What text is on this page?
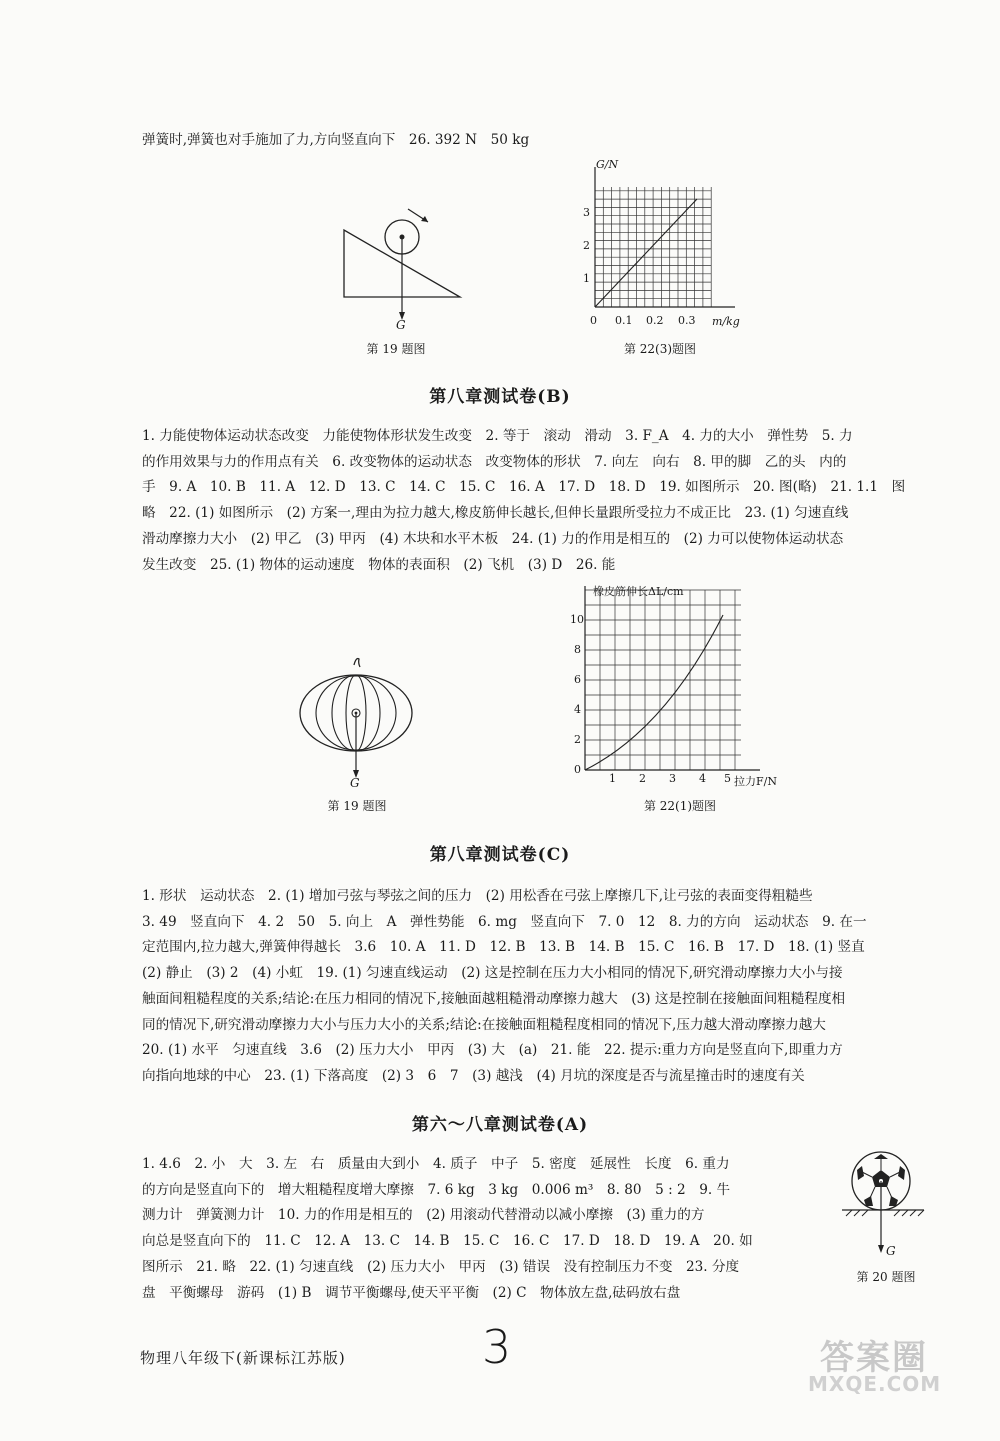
弹簧时,弹簧也对手施加了力,方向竖直向下　26. 392 N　50 kg
G
第 19 题图
G/N
m/kg
1
2
3
0 0.1 0.2 0.3
第 22(3)题图
第八章测试卷(B)
1. 力能使物体运动状态改变　力能使物体形状发生改变　2. 等于　滚动　滑动　3. F_A　4. 力的大小　弹性势　5. 力
的作用效果与力的作用点有关　6. 改变物体的运动状态　改变物体的形状　7. 向左　向右　8. 甲的脚　乙的头　内的
手　9. A　10. B　11. A　12. D　13. C　14. C　15. C　16. A　17. D　18. D　19. 如图所示　20. 图(略)　21. 1.1　图
略　22. (1) 如图所示　(2) 方案一,理由为拉力越大,橡皮筋伸长越长,但伸长量跟所受拉力不成正比　23. (1) 匀速直线
滑动摩擦力大小　(2) 甲乙　(3) 甲丙　(4) 木块和水平木板　24. (1) 力的作用是相互的　(2) 力可以使物体运动状态
发生改变　25. (1) 物体的运动速度　物体的表面积　(2) 飞机　(3) D　26. 能
G
第 19 题图
橡皮筋伸长ΔL/cm
拉力F/N
0
2
4
6
8
10
1 2 3 4 5
第 22(1)题图
第八章测试卷(C)
1. 形状　运动状态　2. (1) 增加弓弦与琴弦之间的压力　(2) 用松香在弓弦上摩擦几下,让弓弦的表面变得粗糙些
3. 49　竖直向下　4. 2　50　5. 向上　A　弹性势能　6. mg　竖直向下　7. 0　12　8. 力的方向　运动状态　9. 在一
定范围内,拉力越大,弹簧伸得越长　3.6　10. A　11. D　12. B　13. B　14. B　15. C　16. B　17. D　18. (1) 竖直
(2) 静止　(3) 2　(4) 小虹　19. (1) 匀速直线运动　(2) 这是控制在压力大小相同的情况下,研究滑动摩擦力大小与接
触面间粗糙程度的关系;结论:在压力相同的情况下,接触面越粗糙滑动摩擦力越大　(3) 这是控制在接触面间粗糙程度相
同的情况下,研究滑动摩擦力大小与压力大小的关系;结论:在接触面粗糙程度相同的情况下,压力越大滑动摩擦力越大
20. (1) 水平　匀速直线　3.6　(2) 压力大小　甲丙　(3) 大　(a)　21. 能　22. 提示:重力方向是竖直向下,即重力方
向指向地球的中心　23. (1) 下落高度　(2) 3　6　7　(3) 越浅　(4) 月坑的深度是否与流星撞击时的速度有关
第六～八章测试卷(A)
1. 4.6　2. 小　大　3. 左　右　质量由大到小　4. 质子　中子　5. 密度　延展性　长度　6. 重力
的方向是竖直向下的　增大粗糙程度增大摩擦　7. 6 kg　3 kg　0.006 m³　8. 80　5 : 2　9. 牛
测力计　弹簧测力计　10. 力的作用是相互的　(2) 用滚动代替滑动以减小摩擦　(3) 重力的方
向总是竖直向下的　11. C　12. A　13. C　14. B　15. C　16. C　17. D　18. D　19. A　20. 如
图所示　21. 略　22. (1) 匀速直线　(2) 压力大小　甲丙　(3) 错误　没有控制压力不变　23. 分度
盘　平衡螺母　游码　(1) B　调节平衡螺母,使天平平衡　(2) C　物体放左盘,砝码放右盘
G
第 20 题图
物理八年级下(新课标江苏版)	3	答案圈
MXQE.COM
